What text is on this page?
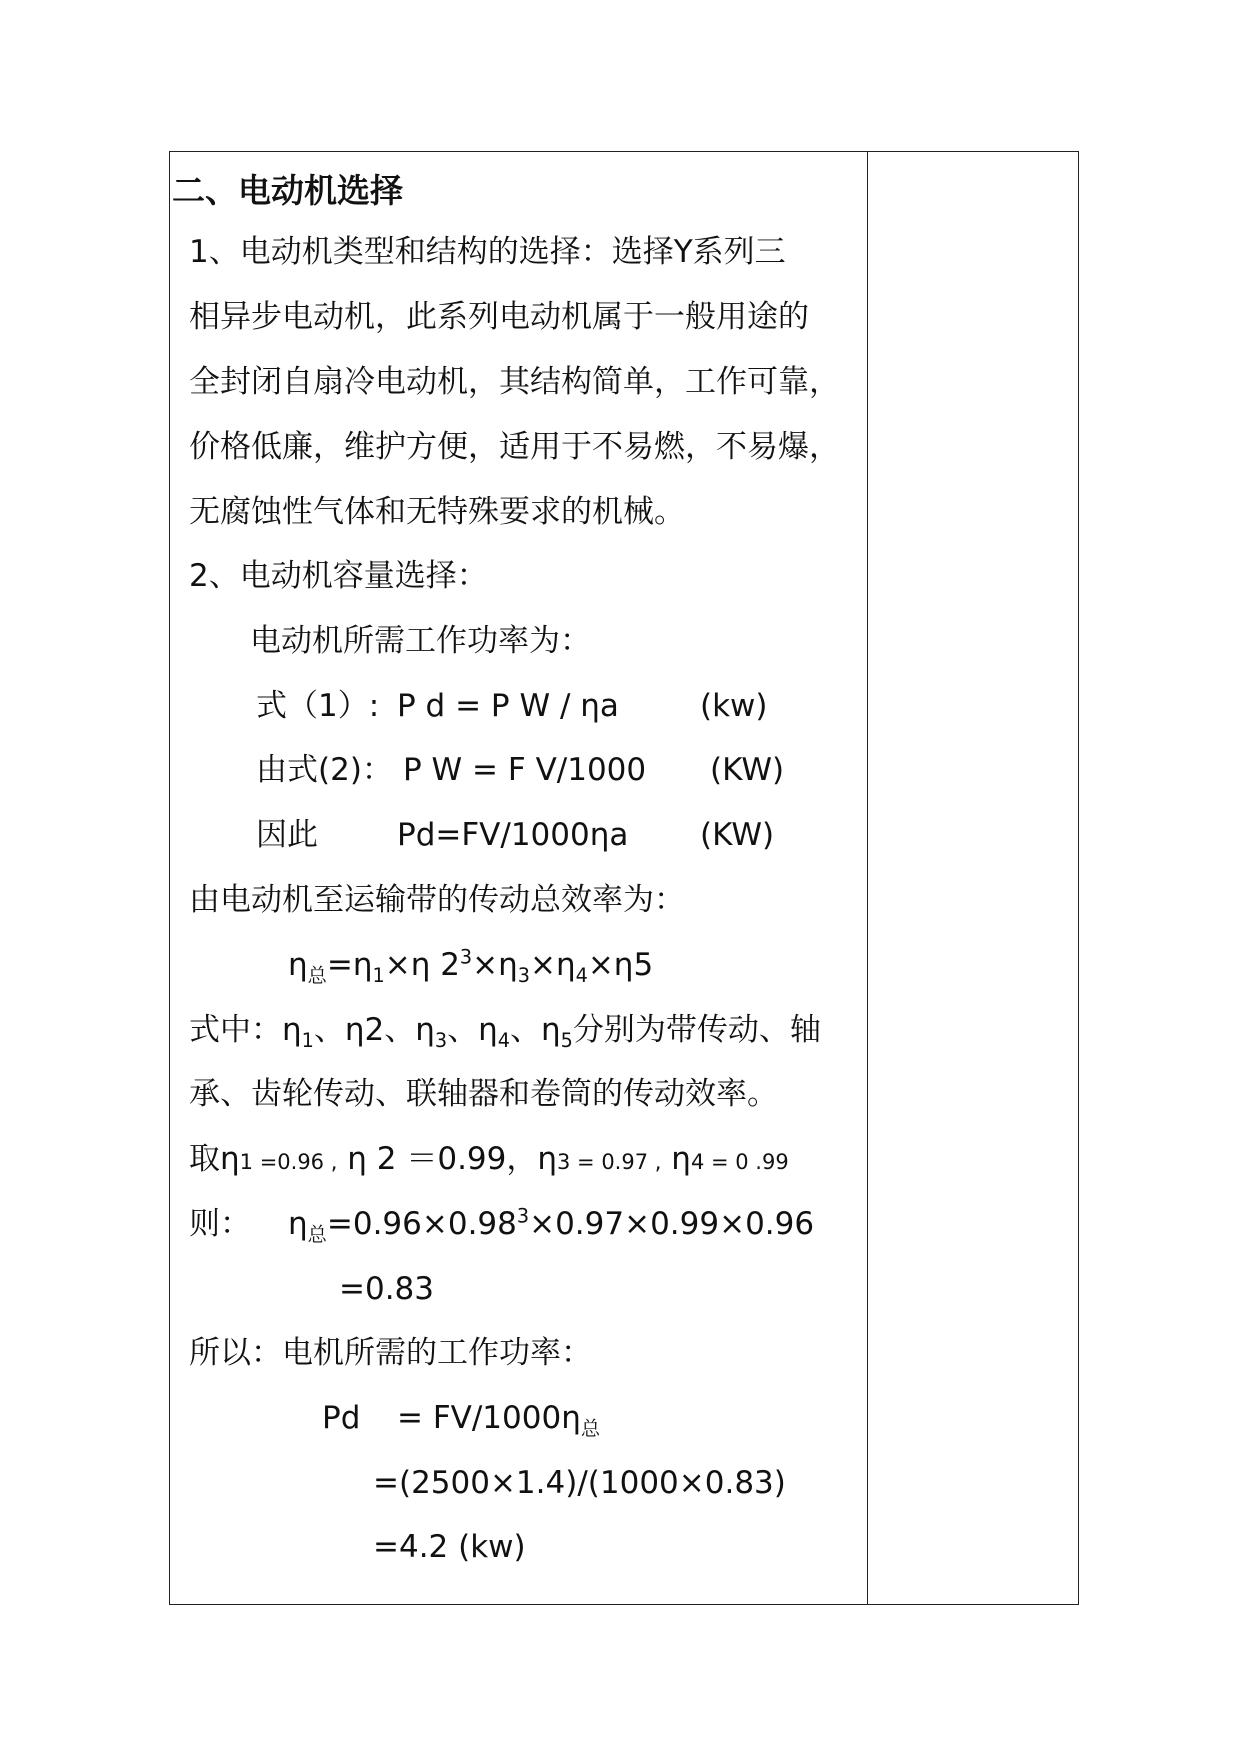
二、电动机选择
1、电动机类型和结构的选择：选择Y系列三
相异步电动机，此系列电动机属于一般用途的
全封闭自扇冷电动机，其结构简单，工作可靠，
价格低廉，维护方便，适用于不易燃，不易爆，
无腐蚀性气体和无特殊要求的机械。
2、电动机容量选择：
电动机所需工作功率为：
式（1）: P d = P W / ηa	(kw)
由式(2)： P W = F V/1000 (KW)
因此	Pd=FV/1000ηa (KW)
由电动机至运输带的传动总效率为：
$\eta_总=\eta_1\times\eta$ $2^3\times\eta_3\times\eta_4\times\eta 5$
式中：$\eta_1$、η2、$\eta_3$、$\eta_4$、$\eta_5$分别为带传动、轴
承、齿轮传动、联轴器和卷筒的传动效率。
取η1 =0.96 , η 2 ＝0.99，η3 = 0.97 , η4 = 0 .99
则： $\eta_总=0.96\times 0.98^3\times 0.97\times 0.99\times 0.96$
=0.83
所以：电机所需的工作功率：
$Pd = FV/1000\eta_总$
=(2500×1.4)/(1000×0.83)
=4.2 (kw)
